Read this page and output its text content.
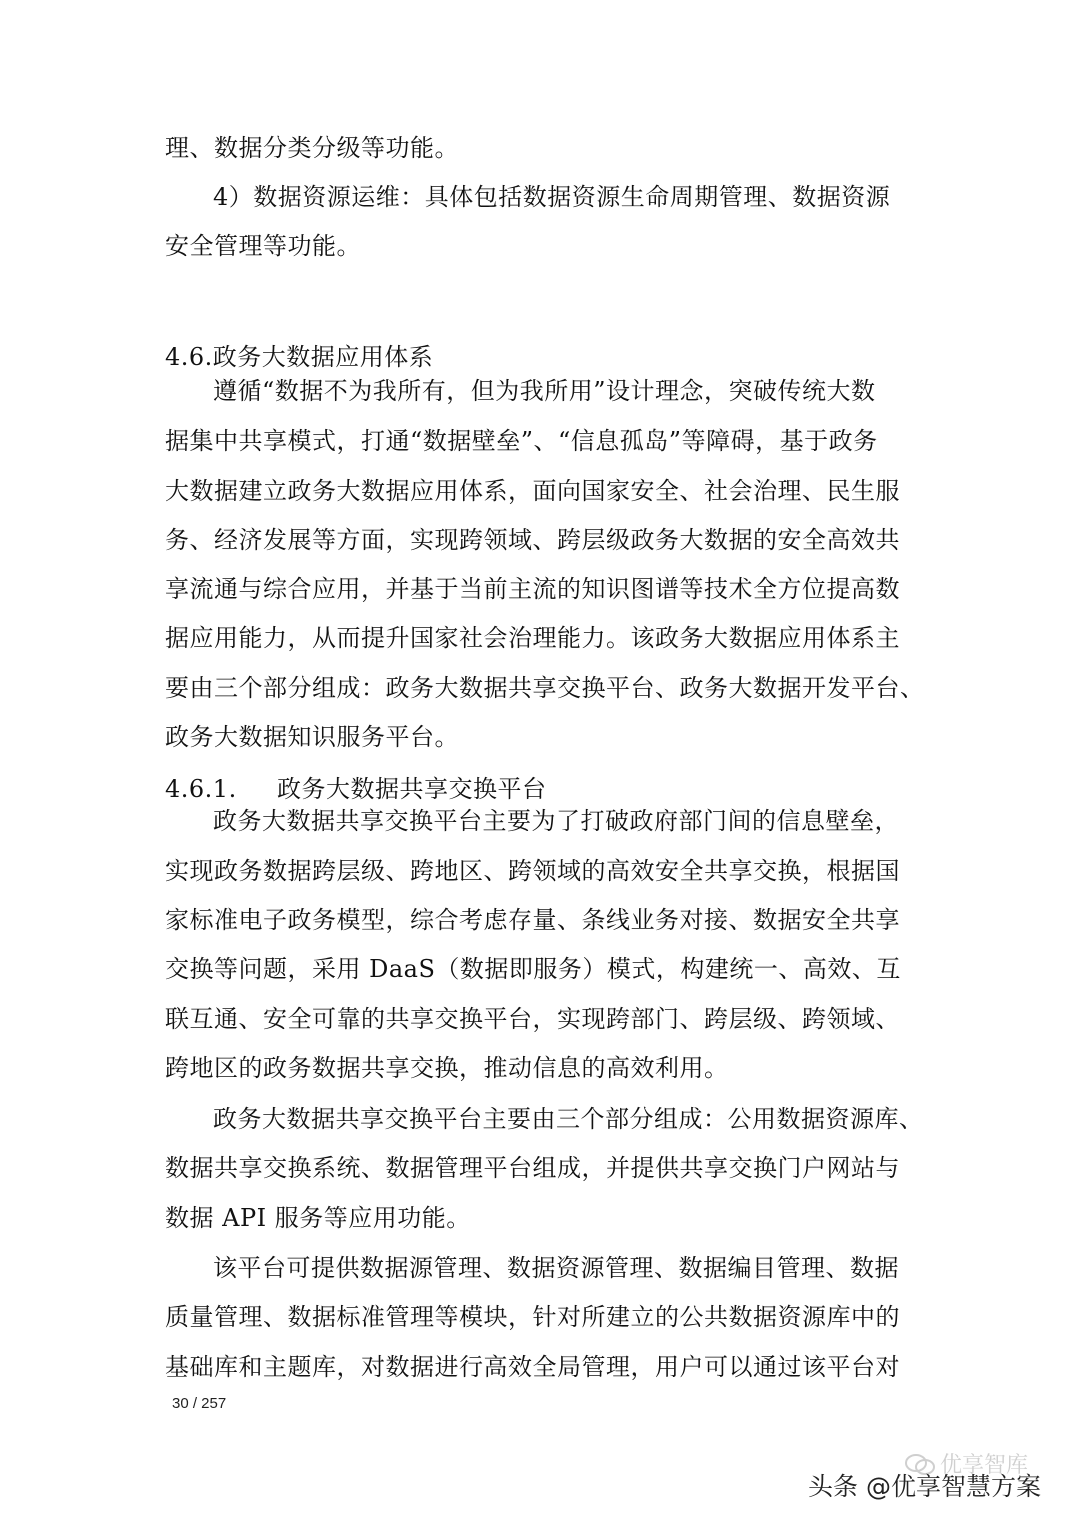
理、数据分类分级等功能。
4）数据资源运维：具体包括数据资源生命周期管理、数据资源
安全管理等功能。
4.6.政务大数据应用体系
遵循“数据不为我所有，但为我所用”设计理念，突破传统大数
据集中共享模式，打通“数据壁垒”、“信息孤岛”等障碍，基于政务
大数据建立政务大数据应用体系，面向国家安全、社会治理、民生服
务、经济发展等方面，实现跨领域、跨层级政务大数据的安全高效共
享流通与综合应用，并基于当前主流的知识图谱等技术全方位提高数
据应用能力，从而提升国家社会治理能力。该政务大数据应用体系主
要由三个部分组成：政务大数据共享交换平台、政务大数据开发平台、
政务大数据知识服务平台。
4.6.1. 政务大数据共享交换平台
政务大数据共享交换平台主要为了打破政府部门间的信息壁垒，
实现政务数据跨层级、跨地区、跨领域的高效安全共享交换，根据国
家标准电子政务模型，综合考虑存量、条线业务对接、数据安全共享
交换等问题，采用 DaaS（数据即服务）模式，构建统一、高效、互
联互通、安全可靠的共享交换平台，实现跨部门、跨层级、跨领域、
跨地区的政务数据共享交换，推动信息的高效利用。
政务大数据共享交换平台主要由三个部分组成：公用数据资源库、
数据共享交换系统、数据管理平台组成，并提供共享交换门户网站与
数据 API 服务等应用功能。
该平台可提供数据源管理、数据资源管理、数据编目管理、数据
质量管理、数据标准管理等模块，针对所建立的公共数据资源库中的
基础库和主题库，对数据进行高效全局管理，用户可以通过该平台对
30 / 257
优享智库
头条 @优享智慧方案
